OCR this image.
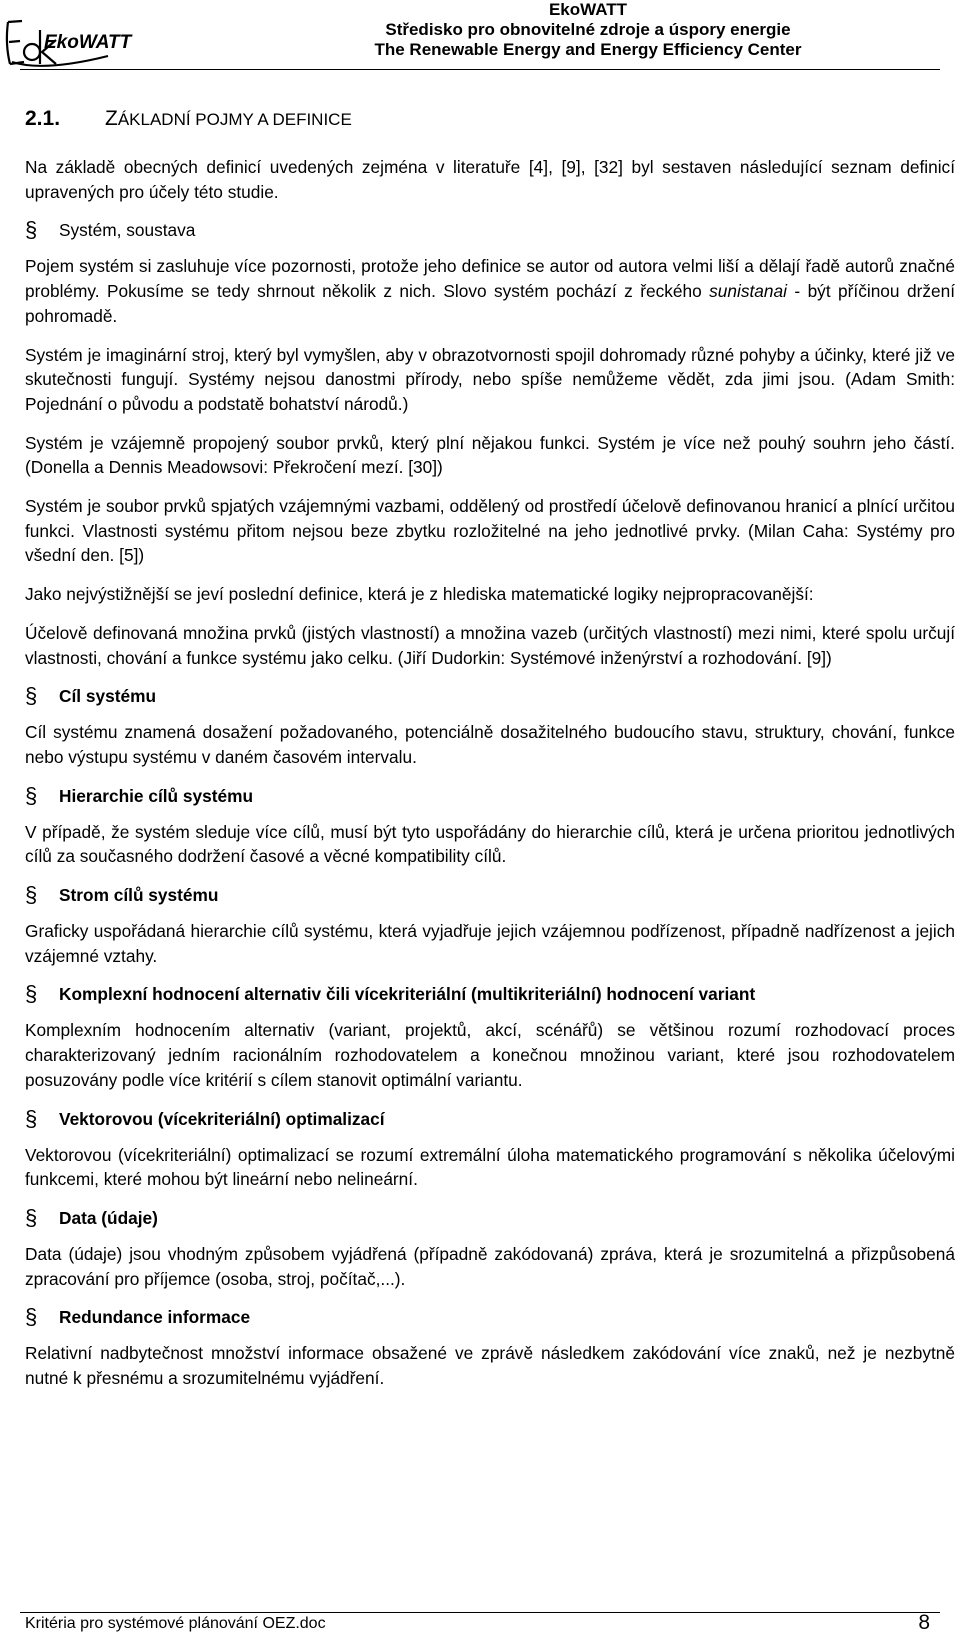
EkoWATT
EkoWATT
Středisko pro obnovitelné zdroje a úspory energie
The Renewable Energy and Energy Efficiency Center
2.1. ZÁKLADNÍ POJMY A DEFINICE

Na základě obecných definicí uvedených zejména v literatuře [4], [9], [32] byl sestaven následující seznam definicí upravených pro účely této studie.

§	Systém, soustava

Pojem systém si zasluhuje více pozornosti, protože jeho definice se autor od autora velmi liší a dělají řadě autorů značné problémy. Pokusíme se tedy shrnout několik z nich. Slovo systém pochází z řeckého sunistanai - být příčinou držení pohromadě.

Systém je imaginární stroj, který byl vymyšlen, aby v obrazotvornosti spojil dohromady různé pohyby a účinky, které již ve skutečnosti fungují. Systémy nejsou danostmi přírody, nebo spíše nemůžeme vědět, zda jimi jsou. (Adam Smith: Pojednání o původu a podstatě bohatství národů.)

Systém je vzájemně propojený soubor prvků, který plní nějakou funkci. Systém je více než pouhý souhrn jeho částí. (Donella a Dennis Meadowsovi: Překročení mezí. [30])

Systém je soubor prvků spjatých vzájemnými vazbami, oddělený od prostředí účelově definovanou hranicí a plnící určitou funkci. Vlastnosti systému přitom nejsou beze zbytku rozložitelné na jeho jednotlivé prvky. (Milan Caha: Systémy pro všední den. [5])

Jako nejvýstižnější se jeví poslední definice, která je z hlediska matematické logiky nejpropracovanější:

Účelově definovaná množina prvků (jistých vlastností) a množina vazeb (určitých vlastností) mezi nimi, které spolu určují vlastnosti, chování a funkce systému jako celku. (Jiří Dudorkin: Systémové inženýrství a rozhodování. [9])

§	Cíl systému

Cíl systému znamená dosažení požadovaného, potenciálně dosažitelného budoucího stavu, struktury, chování, funkce nebo výstupu systému v daném časovém intervalu.

§	Hierarchie cílů systému

V případě, že systém sleduje více cílů, musí být tyto uspořádány do hierarchie cílů, která je určena prioritou jednotlivých cílů za současného dodržení časové a věcné kompatibility cílů.

§	Strom cílů systému

Graficky uspořádaná hierarchie cílů systému, která vyjadřuje jejich vzájemnou podřízenost, případně nadřízenost a jejich vzájemné vztahy.

§	Komplexní hodnocení alternativ čili vícekriteriální (multikriteriální) hodnocení variant

Komplexním hodnocením alternativ (variant, projektů, akcí, scénářů) se většinou rozumí rozhodovací proces charakterizovaný jedním racionálním rozhodovatelem a konečnou množinou variant, které jsou rozhodovatelem posuzovány podle více kritérií s cílem stanovit optimální variantu.

§	Vektorovou (vícekriteriální) optimalizací

Vektorovou (vícekriteriální) optimalizací se rozumí extremální úloha matematického programování s několika účelovými funkcemi, které mohou být lineární nebo nelineární.

§	Data (údaje)

Data (údaje) jsou vhodným způsobem vyjádřená (případně zakódovaná) zpráva, která je srozumitelná a přizpůsobená zpracování pro příjemce (osoba, stroj, počítač,...).

§	Redundance informace

Relativní nadbytečnost množství informace obsažené ve zprávě následkem zakódování více znaků, než je nezbytně nutné k přesnému a srozumitelnému vyjádření.

Kritéria pro systémové plánování OEZ.doc	8
